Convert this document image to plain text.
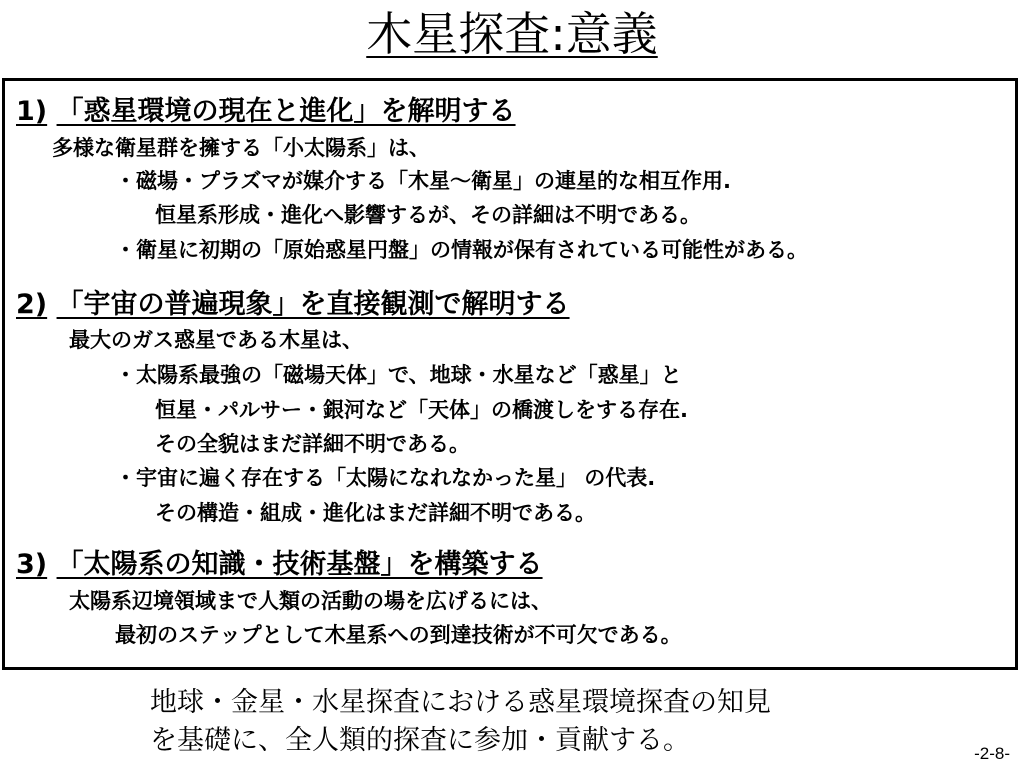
木星探査:意義
1) 「惑星環境の現在と進化」を解明する
多様な衛星群を擁する「小太陽系」は、
・磁場・プラズマが媒介する「木星～衛星」の連星的な相互作用.
恒星系形成・進化へ影響するが、その詳細は不明である。
・衛星に初期の「原始惑星円盤」の情報が保有されている可能性がある。
2) 「宇宙の普遍現象」を直接観測で解明する
最大のガス惑星である木星は、
・太陽系最強の「磁場天体」で、地球・水星など「惑星」と
恒星・パルサー・銀河など「天体」の橋渡しをする存在.
その全貌はまだ詳細不明である。
・宇宙に遍く存在する「太陽になれなかった星」 の代表.
その構造・組成・進化はまだ詳細不明である。
3) 「太陽系の知識・技術基盤」を構築する
太陽系辺境領域まで人類の活動の場を広げるには、
最初のステップとして木星系への到達技術が不可欠である。
地球・金星・水星探査における惑星環境探査の知見
を基礎に、全人類的探査に参加・貢献する。	-2-8-
